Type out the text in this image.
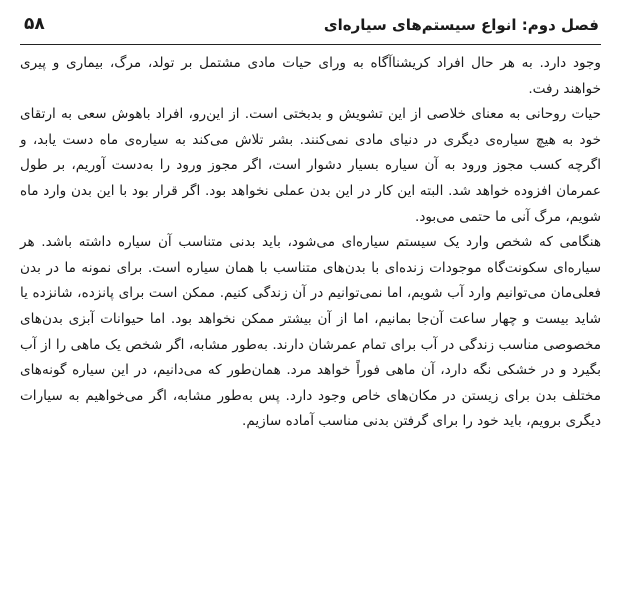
فصل دوم: انواع سیستم‌های سیاره‌ای
۵۸

وجود دارد. به هر حال افراد کریشناآگاه به ورای حیات مادی مشتمل بر تولد، مرگ، بیماری و پیری خواهند رفت.

حیات روحانی به معنای خلاصی از این تشویش و بدبختی است. از این‌رو، افراد باهوش سعی به ارتقای خود به هیچ سیاره‌ی دیگری در دنیای مادی نمی‌کنند. بشر تلاش می‌کند به سیاره‌ی ماه دست یابد، و اگرچه کسب مجوز ورود به آن سیاره بسیار دشوار است، اگر مجوز ورود را به‌دست آوریم، بر طول عمرمان افزوده خواهد شد. البته این کار در این بدن عملی نخواهد بود. اگر قرار بود با این بدن وارد ماه شویم، مرگ آنی ما حتمی می‌بود.

هنگامی که شخص وارد یک سیستم سیاره‌ای می‌شود، باید بدنی متناسب آن سیاره داشته باشد. هر سیاره‌ای سکونت‌گاه موجودات زنده‌ای با بدن‌های متناسب با همان سیاره است. برای نمونه ما در بدن فعلی‌مان می‌توانیم وارد آب شویم، اما نمی‌توانیم در آن زندگی کنیم. ممکن است برای پانزده، شانزده یا شاید بیست و چهار ساعت آن‌جا بمانیم، اما از آن بیشتر ممکن نخواهد بود. اما حیوانات آبزی بدن‌های مخصوصی مناسب زندگی در آب برای تمام عمرشان دارند. به‌طور مشابه، اگر شخص یک ماهی را از آب بگیرد و در خشکی نگه دارد، آن ماهی فوراً خواهد مرد. همان‌طور که می‌دانیم، در این سیاره گونه‌های مختلف بدن برای زیستن در مکان‌های خاص وجود دارد. پس به‌طور مشابه، اگر می‌خواهیم به سیارات دیگری برویم، باید خود را برای گرفتن بدنی مناسب آماده سازیم.
